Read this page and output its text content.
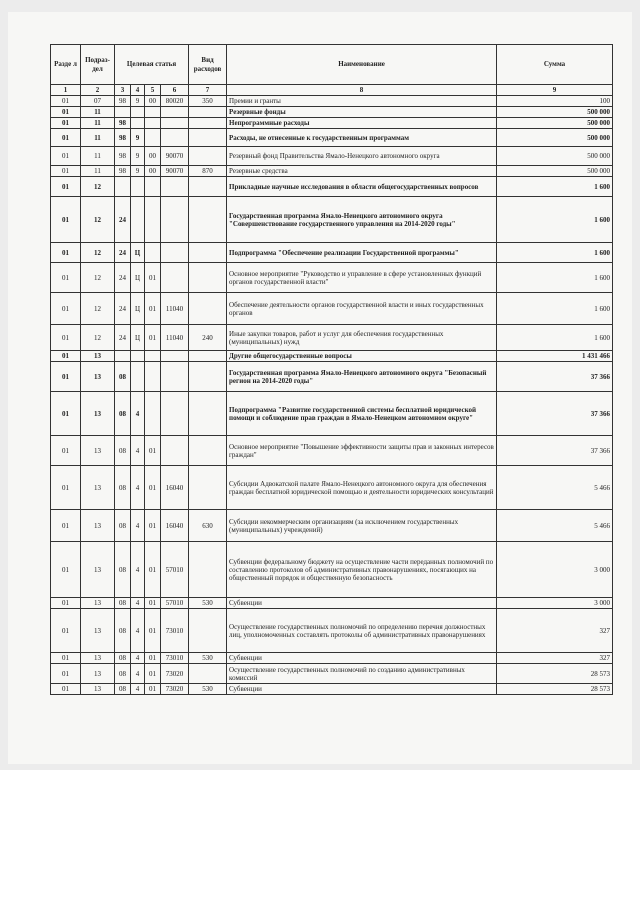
Разде л	Подраз- дел	Целевая статья				Вид расходов	Наименование	Сумма
1	2	3	4	5	6	7	8	9
01	07	98	9	00	80020	350	Премии и гранты	100
01	11						Резервные фонды	500 000
01	11	98					Непрограммные расходы	500 000
01	11	98	9				Расходы, не отнесенные к государственным программам	500 000
01	11	98	9	00	90070		Резервный фонд Правительства Ямало-Ненецкого автономного округа	500 000
01	11	98	9	00	90070	870	Резервные средства	500 000
01	12						Прикладные научные исследования в области общегосударственных вопросов	1 600
01	12	24					Государственная программа Ямало-Ненецкого автономного округа "Совершенствование государственного управления на 2014-2020 годы"	1 600
01	12	24	Ц				Подпрограмма "Обеспечение реализации Государственной программы"	1 600
01	12	24	Ц	01			Основное мероприятие "Руководство и управление в сфере установленных функций органов государственной власти"	1 600
01	12	24	Ц	01	11040		Обеспечение деятельности органов государственной власти и иных государственных органов	1 600
01	12	24	Ц	01	11040	240	Иные закупки товаров, работ и услуг для обеспечения государственных (муниципальных) нужд	1 600
01	13						Другие общегосударственные вопросы	1 431 466
01	13	08					Государственная программа Ямало-Ненецкого автономного округа "Безопасный регион на 2014-2020 годы"	37 366
01	13	08	4				Подпрограмма "Развитие государственной системы бесплатной юридической помощи и соблюдение прав граждан в Ямало-Ненецком автономном округе"	37 366
01	13	08	4	01			Основное мероприятие "Повышение эффективности защиты прав и законных интересов граждан"	37 366
01	13	08	4	01	16040		Субсидии Адвокатской палате Ямало-Ненецкого автономного округа для обеспечения граждан бесплатной юридической помощью и деятельности юридических консультаций	5 466
01	13	08	4	01	16040	630	Субсидии некоммерческим организациям (за исключением государственных (муниципальных) учреждений)	5 466
01	13	08	4	01	57010		Субвенции федеральному бюджету на осуществление части переданных полномочий по составлению протоколов об административных правонарушениях, посягающих на общественный порядок и общественную безопасность	3 000
01	13	08	4	01	57010	530	Субвенции	3 000
01	13	08	4	01	73010		Осуществление государственных полномочий по определению перечня должностных лиц, уполномоченных составлять протоколы об административных правонарушениях	327
01	13	08	4	01	73010	530	Субвенции	327
01	13	08	4	01	73020		Осуществление государственных полномочий по созданию административных комиссий	28 573
01	13	08	4	01	73020	530	Субвенции	28 573
